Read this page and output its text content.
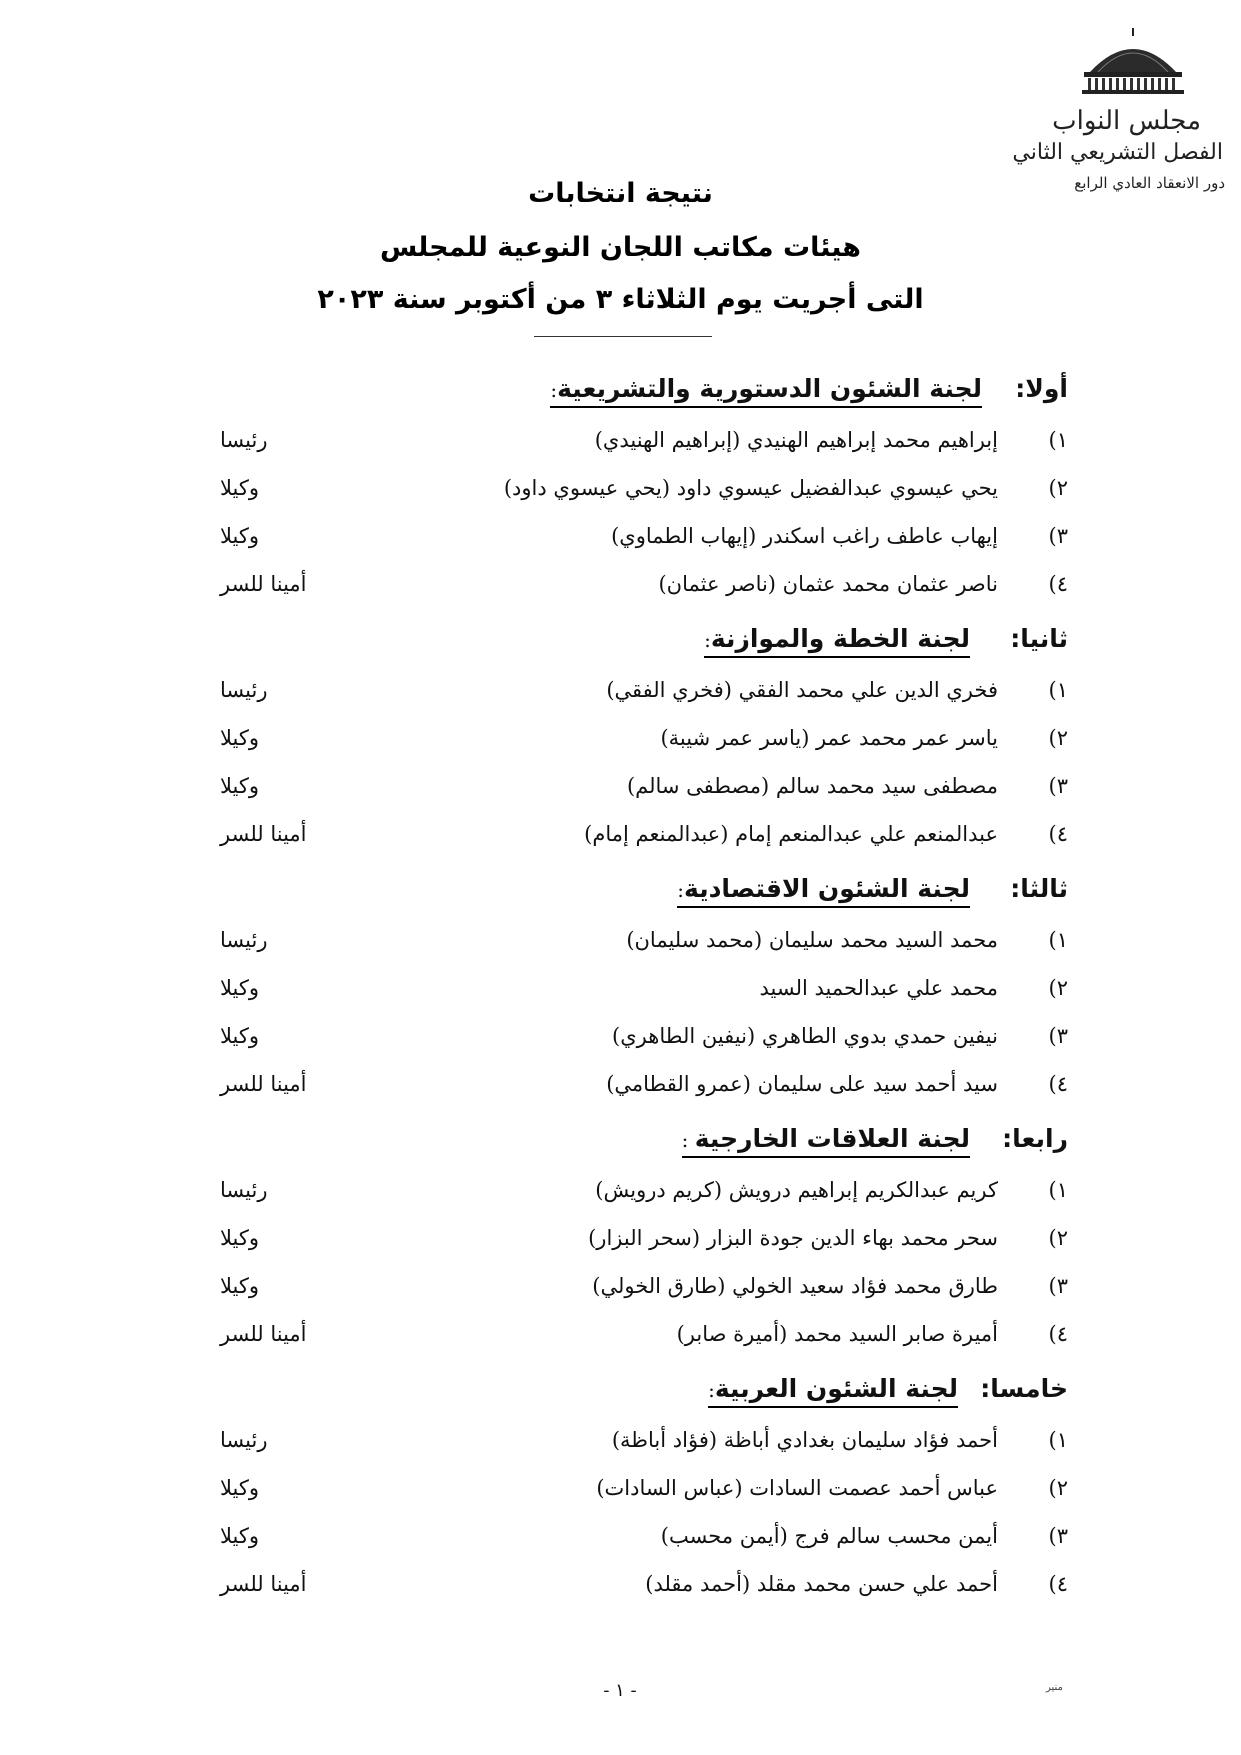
مجلس النواب
الفصل التشريعي الثاني
دور الانعقاد العادي الرابع
نتيجة انتخابات
هيئات مكاتب اللجان النوعية للمجلس
التى أجريت يوم الثلاثاء ٣ من أكتوبر سنة ٢٠٢٣
أولا:
لجنة الشئون الدستورية والتشريعية:
١)
إبراهيم محمد إبراهيم الهنيدي (إبراهيم الهنيدي)
رئيسا
٢)
يحي عيسوي عبدالفضيل عيسوي داود (يحي عيسوي داود)
وكيلا
٣)
إيهاب عاطف راغب اسكندر (إيهاب الطماوي)
وكيلا
٤)
ناصر عثمان محمد عثمان (ناصر عثمان)
أمينا للسر
ثانيا:
لجنة الخطة والموازنة:
١)
فخري الدين علي محمد الفقي (فخري الفقي)
رئيسا
٢)
ياسر عمر محمد عمر (ياسر عمر شيبة)
وكيلا
٣)
مصطفى سيد محمد سالم (مصطفى سالم)
وكيلا
٤)
عبدالمنعم علي عبدالمنعم إمام (عبدالمنعم إمام)
أمينا للسر
ثالثا:
لجنة الشئون الاقتصادية:
١)
محمد السيد محمد سليمان (محمد سليمان)
رئيسا
٢)
محمد علي عبدالحميد السيد
وكيلا
٣)
نيفين حمدي بدوي الطاهري (نيفين الطاهري)
وكيلا
٤)
سيد أحمد سيد على سليمان (عمرو القطامي)
أمينا للسر
رابعا:
لجنة العلاقات الخارجية :
١)
كريم عبدالكريم إبراهيم درويش (كريم درويش)
رئيسا
٢)
سحر محمد بهاء الدين جودة البزار (سحر البزار)
وكيلا
٣)
طارق محمد فؤاد سعيد الخولي (طارق الخولي)
وكيلا
٤)
أميرة صابر السيد محمد (أميرة صابر)
أمينا للسر
خامسا:
لجنة الشئون العربية:
١)
أحمد فؤاد سليمان بغدادي أباظة (فؤاد أباظة)
رئيسا
٢)
عباس أحمد عصمت السادات (عباس السادات)
وكيلا
٣)
أيمن محسب سالم فرج (أيمن محسب)
وكيلا
٤)
أحمد علي حسن محمد مقلد (أحمد مقلد)
أمينا للسر
- ١ -	منير
